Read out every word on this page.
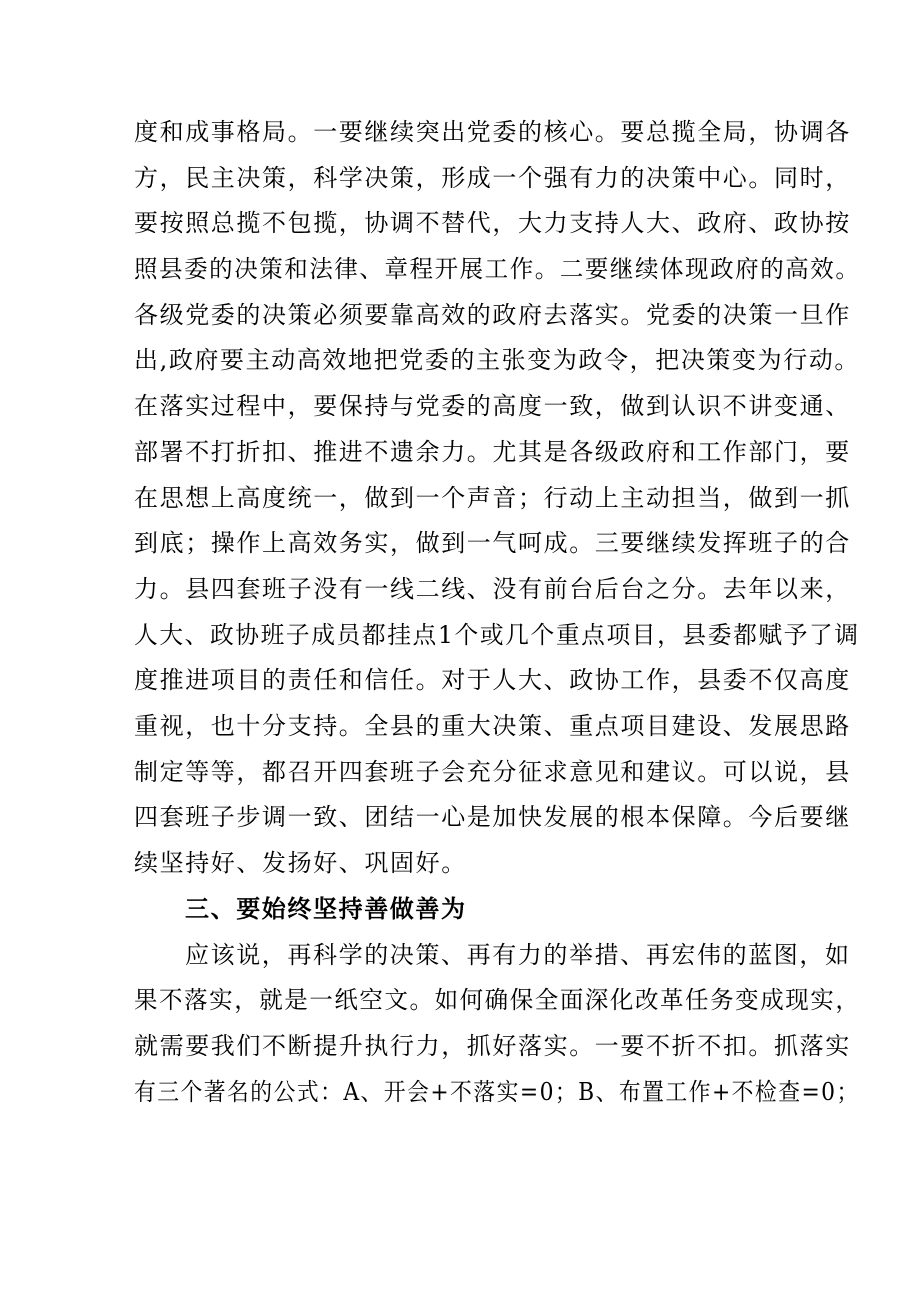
度和成事格局。一要继续突出党委的核心。要总揽全局，协调各
方，民主决策，科学决策，形成一个强有力的决策中心。同时，
要按照总揽不包揽，协调不替代，大力支持人大、政府、政协按
照县委的决策和法律、章程开展工作。二要继续体现政府的高效。
各级党委的决策必须要靠高效的政府去落实。党委的决策一旦作
出,政府要主动高效地把党委的主张变为政令，把决策变为行动。
在落实过程中，要保持与党委的高度一致，做到认识不讲变通、
部署不打折扣、推进不遗余力。尤其是各级政府和工作部门，要
在思想上高度统一，做到一个声音；行动上主动担当，做到一抓
到底；操作上高效务实，做到一气呵成。三要继续发挥班子的合
力。县四套班子没有一线二线、没有前台后台之分。去年以来，
人大、政协班子成员都挂点1个或几个重点项目，县委都赋予了调
度推进项目的责任和信任。对于人大、政协工作，县委不仅高度
重视，也十分支持。全县的重大决策、重点项目建设、发展思路
制定等等，都召开四套班子会充分征求意见和建议。可以说，县
四套班子步调一致、团结一心是加快发展的根本保障。今后要继
续坚持好、发扬好、巩固好。
三、要始终坚持善做善为
应该说，再科学的决策、再有力的举措、再宏伟的蓝图，如
果不落实，就是一纸空文。如何确保全面深化改革任务变成现实，
就需要我们不断提升执行力，抓好落实。一要不折不扣。抓落实
有三个著名的公式：A、开会+不落实=0；B、布置工作+不检查=0；
